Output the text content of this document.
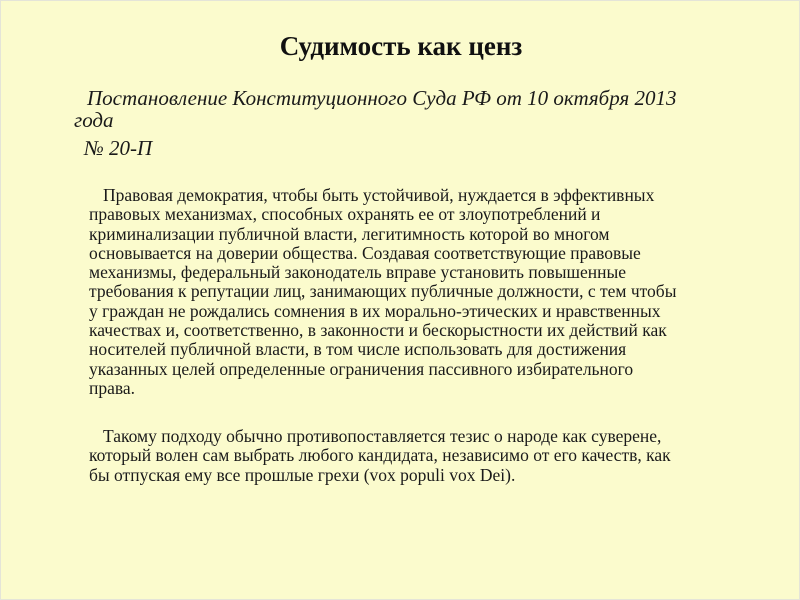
Судимость как ценз
Постановление Конституционного Суда РФ от 10 октября 2013
года
№ 20-П
Правовая демократия, чтобы быть устойчивой, нуждается в эффективных
правовых механизмах, способных охранять ее от злоупотреблений и
криминализации публичной власти, легитимность которой во многом
основывается на доверии общества. Создавая соответствующие правовые
механизмы, федеральный законодатель вправе установить повышенные
требования к репутации лиц, занимающих публичные должности, с тем чтобы
у граждан не рождались сомнения в их морально-этических и нравственных
качествах и, соответственно, в законности и бескорыстности их действий как
носителей публичной власти, в том числе использовать для достижения
указанных целей определенные ограничения пассивного избирательного
права.
Такому подходу обычно противопоставляется тезис о народе как суверене,
который волен сам выбрать любого кандидата, независимо от его качеств, как
бы отпуская ему все прошлые грехи (vox populi vox Dei).
